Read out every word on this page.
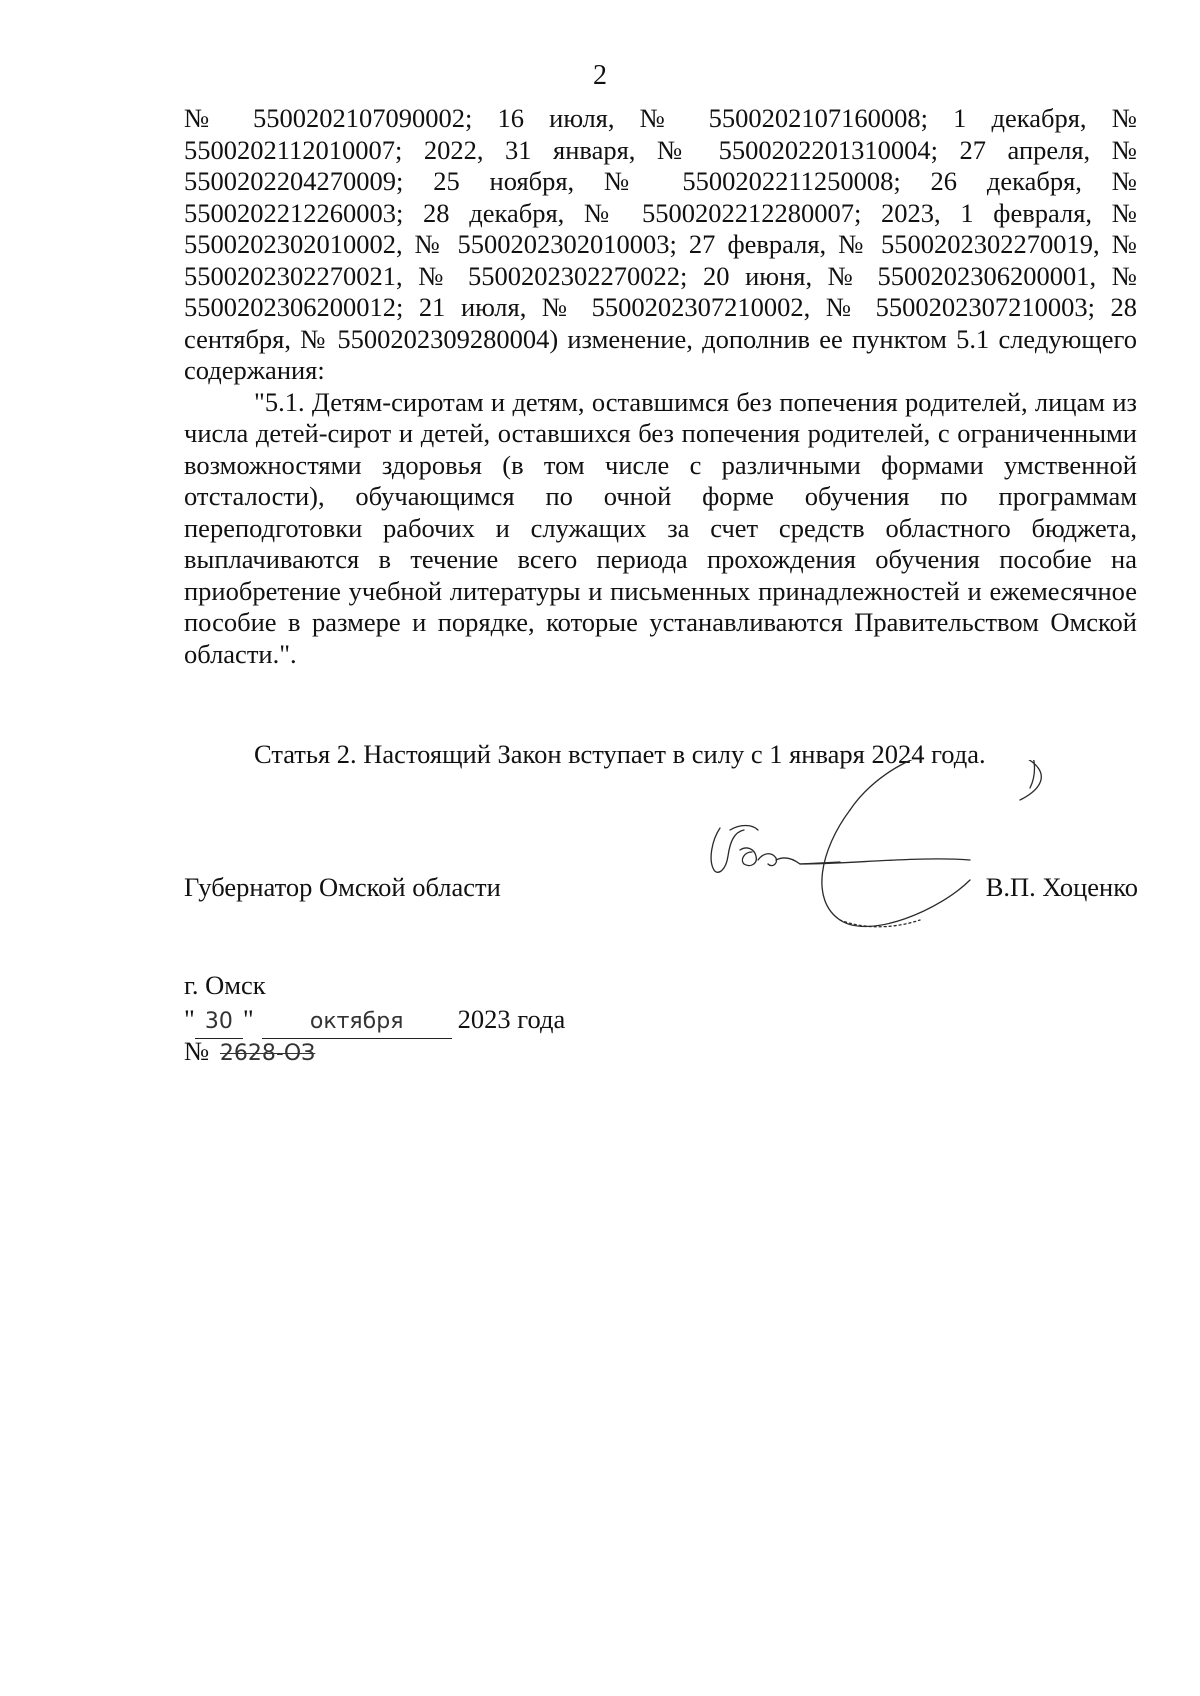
2

№ 5500202107090002; 16 июля, № 5500202107160008; 1 декабря, № 5500202112010007; 2022, 31 января, № 5500202201310004; 27 апреля, № 5500202204270009; 25 ноября, № 5500202211250008; 26 декабря, № 5500202212260003; 28 декабря, № 5500202212280007; 2023, 1 февраля, № 5500202302010002, № 5500202302010003; 27 февраля, № 5500202302270019, № 5500202302270021, № 5500202302270022; 20 июня, № 5500202306200001, № 5500202306200012; 21 июля, № 5500202307210002, № 5500202307210003; 28 сентября, № 5500202309280004) изменение, дополнив ее пунктом 5.1 следующего содержания:

"5.1. Детям-сиротам и детям, оставшимся без попечения родителей, лицам из числа детей-сирот и детей, оставшихся без попечения родителей, с ограниченными возможностями здоровья (в том числе с различными формами умственной отсталости), обучающимся по очной форме обучения по программам переподготовки рабочих и служащих за счет средств областного бюджета, выплачиваются в течение всего периода прохождения обучения пособие на приобретение учебной литературы и письменных принадлежностей и ежемесячное пособие в размере и порядке, которые устанавливаются Правительством Омской области.".

Статья 2. Настоящий Закон вступает в силу с 1 января 2024 года.
Губернатор Омской области	В.П. Хоценко
г. Омск
" 30 "	октября 2023 года
№ 2628-ОЗ
